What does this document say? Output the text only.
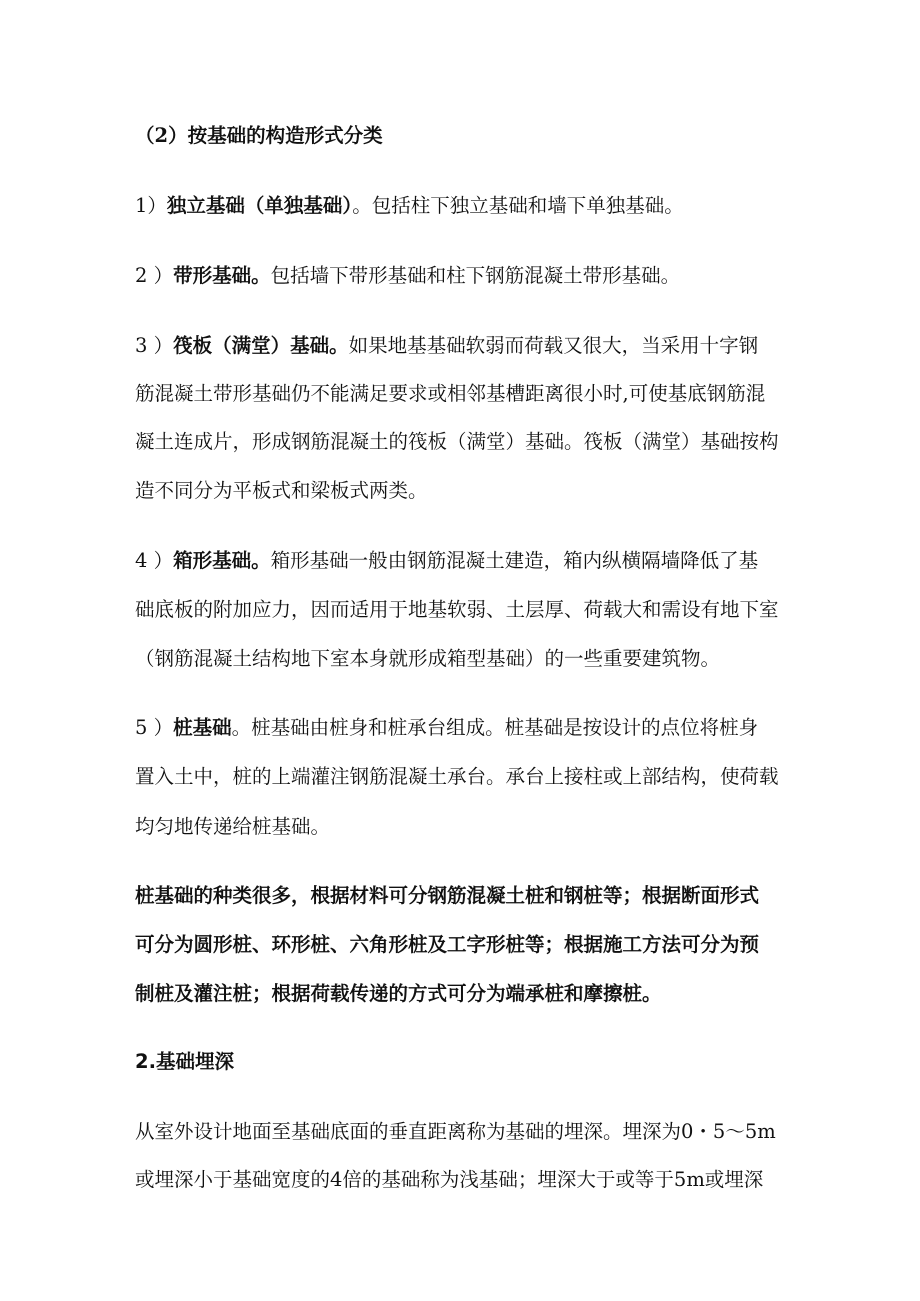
（2）按基础的构造形式分类
1）独立基础（单独基础）。包括柱下独立基础和墙下单独基础。
2 ）带形基础。包括墙下带形基础和柱下钢筋混凝土带形基础。
3 ）筏板（满堂）基础。如果地基基础软弱而荷载又很大，当采用十字钢
筋混凝土带形基础仍不能满足要求或相邻基槽距离很小时,可使基底钢筋混
凝土连成片，形成钢筋混凝土的筏板（满堂）基础。筏板（满堂）基础按构
造不同分为平板式和梁板式两类。
4 ）箱形基础。箱形基础一般由钢筋混凝土建造，箱内纵横隔墙降低了基
础底板的附加应力，因而适用于地基软弱、土层厚、荷载大和需设有地下室
（钢筋混凝土结构地下室本身就形成箱型基础）的一些重要建筑物。
5 ）桩基础。桩基础由桩身和桩承台组成。桩基础是按设计的点位将桩身
置入土中，桩的上端灌注钢筋混凝土承台。承台上接柱或上部结构，使荷载
均匀地传递给桩基础。
桩基础的种类很多，根据材料可分钢筋混凝土桩和钢桩等；根据断面形式
可分为圆形桩、环形桩、六角形桩及工字形桩等；根据施工方法可分为预
制桩及灌注桩；根据荷载传递的方式可分为端承桩和摩擦桩。
2.基础埋深
从室外设计地面至基础底面的垂直距离称为基础的埋深。埋深为0・5～5m
或埋深小于基础宽度的4倍的基础称为浅基础；埋深大于或等于5m或埋深
